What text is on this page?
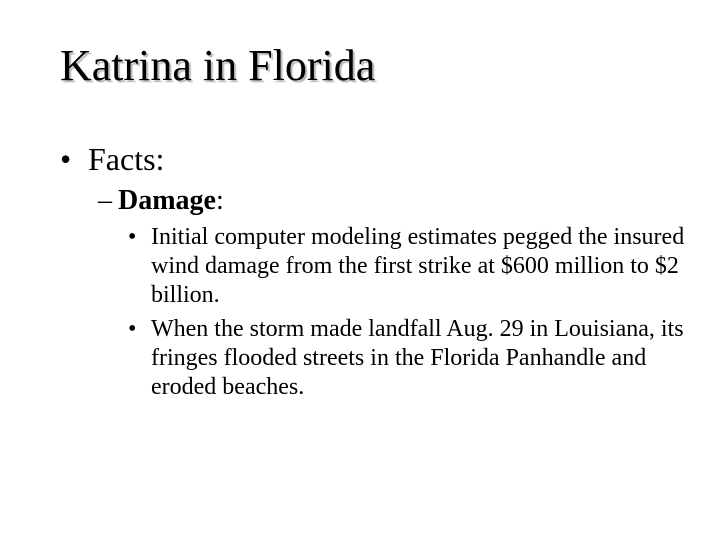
Katrina in Florida
• Facts:
– Damage:
• Initial computer modeling estimates pegged the insured wind damage from the first strike at $600 million to $2 billion.
• When the storm made landfall Aug. 29 in Louisiana, its fringes flooded streets in the Florida Panhandle and eroded beaches.
